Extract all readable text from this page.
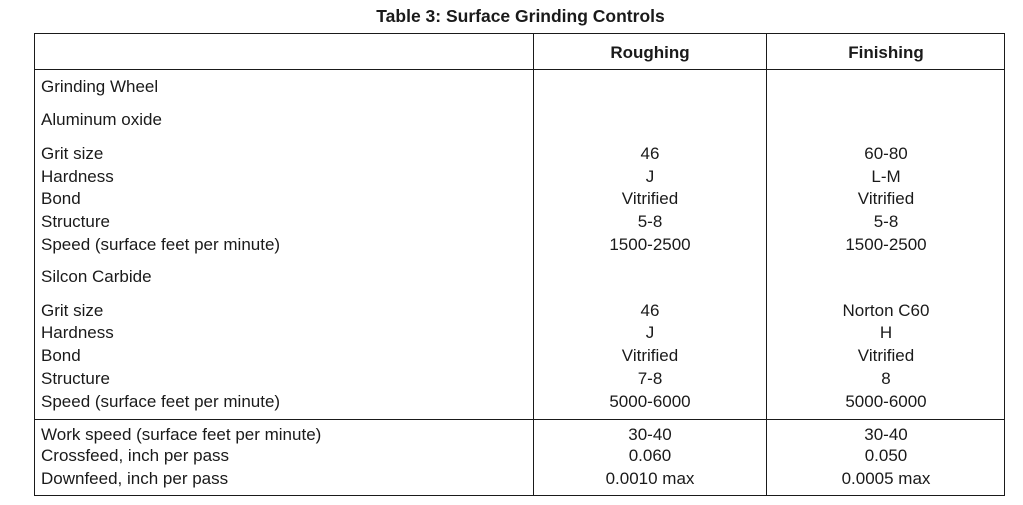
Table 3: Surface Grinding Controls
Roughing	Finishing
Grinding Wheel
Aluminum oxide
Grit size	46	60-80
Hardness	J	L-M
Bond	Vitrified	Vitrified
Structure	5-8	5-8
Speed (surface feet per minute)	1500-2500	1500-2500
Silcon Carbide
Grit size	46	Norton C60
Hardness	J	H
Bond	Vitrified	Vitrified
Structure	7-8	8
Speed (surface feet per minute)	5000-6000	5000-6000
Work speed (surface feet per minute)	30-40	30-40
Crossfeed, inch per pass	0.060	0.050
Downfeed, inch per pass	0.0010 max	0.0005 max
